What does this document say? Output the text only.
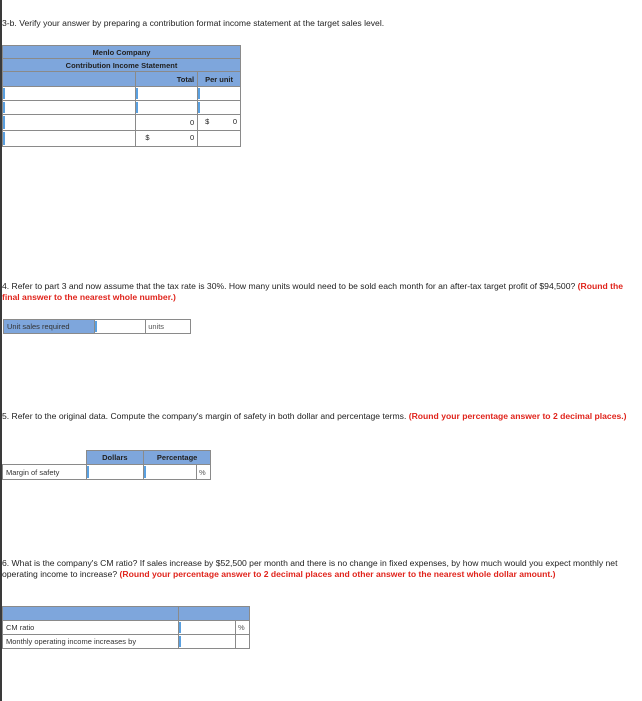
3-b. Verify your answer by preparing a contribution format income statement at the target sales level.
Menlo Company		
Contribution Income Statement		
	Total	Per unit

	0	$ 0

	$ 0	

4. Refer to part 3 and now assume that the tax rate is 30%. How many units would need to be sold each month for an after-tax target profit of $94,500? (Round the final answer to the nearest whole number.)
Unit sales required		units
5. Refer to the original data. Compute the company's margin of safety in both dollar and percentage terms. (Round your percentage answer to 2 decimal places.)
	Dollars	Percentage	
Margin of safety			%
6. What is the company's CM ratio? If sales increase by $52,500 per month and there is no change in fixed expenses, by how much would you expect monthly net operating income to increase? (Round your percentage answer to 2 decimal places and other answer to the nearest whole dollar amount.)

CM ratio		%
Monthly operating income increases by		
